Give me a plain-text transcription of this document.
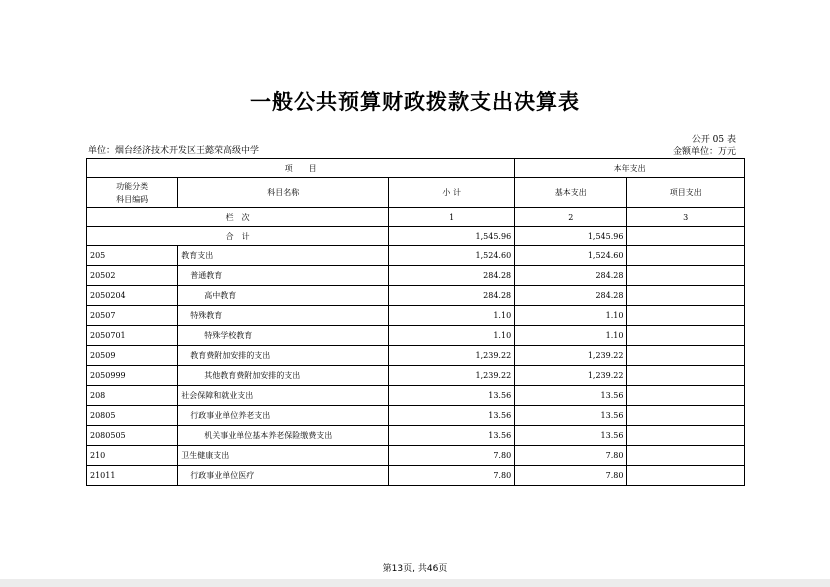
一般公共预算财政拨款支出决算表
公开 05 表
单位：烟台经济技术开发区王懿荣高级中学	金额单位：万元
项　　目			本年支出	
功能分类
科目编码	科目名称	小 计	基本支出	项目支出
栏　次		1	2	3
合　计		1,545.96	1,545.96	
205	教育支出	1,524.60	1,524.60	
20502	普通教育	284.28	284.28	
2050204	高中教育	284.28	284.28	
20507	特殊教育	1.10	1.10	
2050701	特殊学校教育	1.10	1.10	
20509	教育费附加安排的支出	1,239.22	1,239.22	
2050999	其他教育费附加安排的支出	1,239.22	1,239.22	
208	社会保障和就业支出	13.56	13.56	
20805	行政事业单位养老支出	13.56	13.56	
2080505	机关事业单位基本养老保险缴费支出	13.56	13.56	
210	卫生健康支出	7.80	7.80	
21011	行政事业单位医疗	7.80	7.80	
第13页, 共46页
